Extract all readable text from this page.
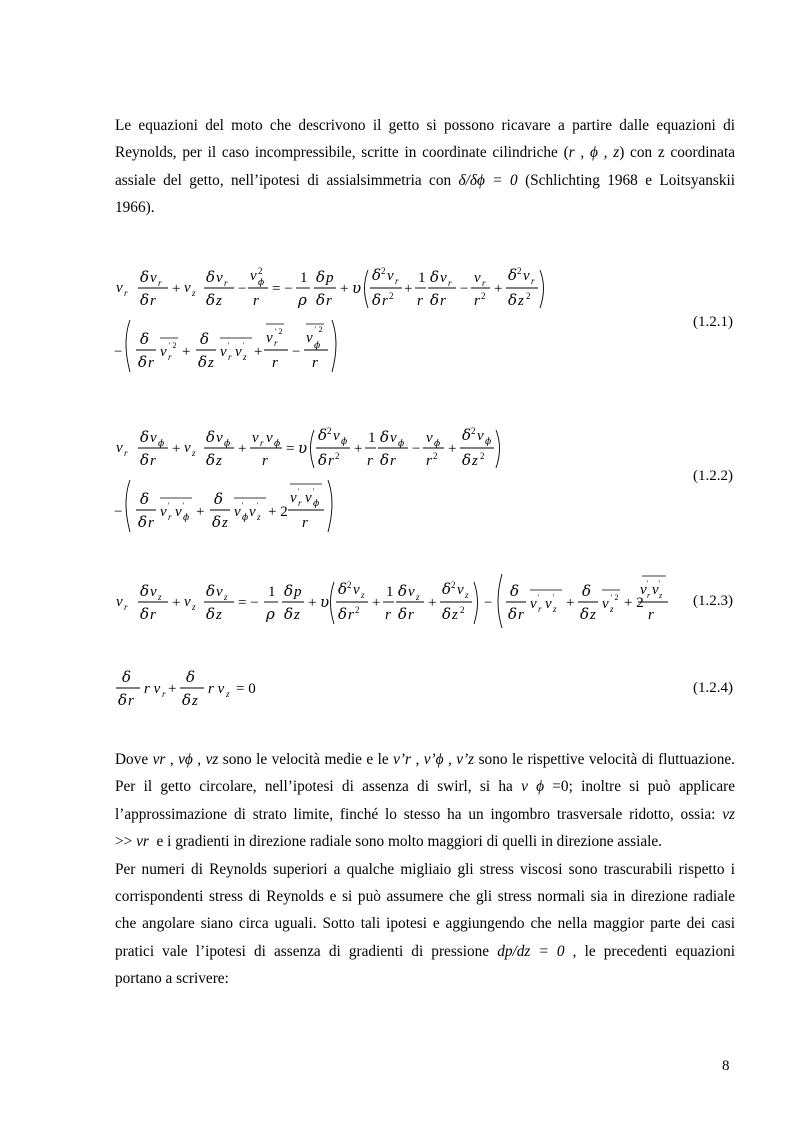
Le equazioni del moto che descrivono il getto si possono ricavare a partire dalle equazioni di
Reynolds, per il caso incompressibile, scritte in coordinate cilindriche (r , ϕ , z) con z coordinata
assiale del getto, nell’ipotesi di assialsimmetria con δ/δϕ = 0 (Schlichting 1968 e Loitsyanskii
1966).
v r
δ v r
δ r
+ v z
δ v r
δ z
−
v 2
ϕ
r
= −
1
ρ
δ p
δ r
+ υ
δ 2 v r
δ r 2 +
1
r
δ v r
δ r
−
v r
r 2 +
δ 2 v r
δ z 2
−
δ
δ r
v r
' 2 +
δ
δ z
v r
' v z
' +
v r
' 2
r
−
v ϕ
' 2
r
(1.2.1)
v r
δ v ϕ
δ r
+ v z
δ v ϕ
δ z
+
v r v ϕ
r
= υ
δ 2 v ϕ
δ r 2 +
1
r
δ v ϕ
δ r
−
v ϕ
r 2 +
δ 2 v ϕ
δ z 2
−
δ
δ r
v r
' v ϕ
' +
δ
δ z
v ϕ
' v z
' + 2
v r
' v ϕ
'
r
(1.2.2)
v r
δ v z
δ r
+ v z
δ v z
δ z
= −
1
ρ
δ p
δ z
+ υ
δ 2 v z
δ r 2 +
1
r
δ v z
δ r
+
δ 2 v z
δ z 2 −
δ
δ r
v r
' v z
' +
δ
δ z
v z
' 2 + 2
v r
' v z
'
r
(1.2.3)
δ
δ r
r v r +
δ
δ z
r v z = 0	(1.2.4)
Dove vr , vϕ , vz sono le velocità medie e le v’r , v’ϕ , v’z sono le rispettive velocità di fluttuazione.
Per il getto circolare, nell’ipotesi di assenza di swirl, si ha v ϕ =0; inoltre si può applicare
l’approssimazione di strato limite, finché lo stesso ha un ingombro trasversale ridotto, ossia: vz
>> vr e i gradienti in direzione radiale sono molto maggiori di quelli in direzione assiale.
Per numeri di Reynolds superiori a qualche migliaio gli stress viscosi sono trascurabili rispetto i
corrispondenti stress di Reynolds e si può assumere che gli stress normali sia in direzione radiale
che angolare siano circa uguali. Sotto tali ipotesi e aggiungendo che nella maggior parte dei casi
pratici vale l’ipotesi di assenza di gradienti di pressione dp/dz = 0 , le precedenti equazioni
portano a scrivere:
8
